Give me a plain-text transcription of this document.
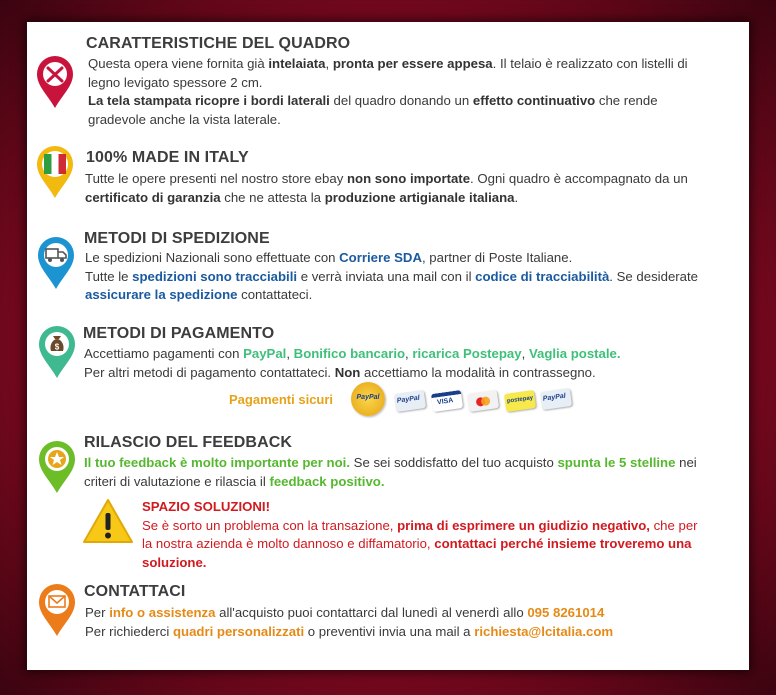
CARATTERISTICHE DEL QUADRO
Questa opera viene fornita già intelaiata, pronta per essere appesa. Il telaio è realizzato con listelli di
legno levigato spessore 2 cm.
La tela stampata ricopre i bordi laterali del quadro donando un effetto continuativo che rende
gradevole anche la vista laterale.
100% MADE IN ITALY
Tutte le opere presenti nel nostro store ebay non sono importate. Ogni quadro è accompagnato da un
certificato di garanzia che ne attesta la produzione artigianale italiana.
METODI DI SPEDIZIONE
Le spedizioni Nazionali sono effettuate con Corriere SDA, partner di Poste Italiane.
Tutte le spedizioni sono tracciabili e verrà inviata una mail con il codice di tracciabilità. Se desiderate
assicurare la spedizione contattateci.
$
METODI DI PAGAMENTO
Accettiamo pagamenti con PayPal, Bonifico bancario, ricarica Postepay, Vaglia postale.
Per altri metodi di pagamento contattateci. Non accettiamo la modalità in contrassegno.
Pagamenti sicuri	PayPal	PayPal VISA	postepay PayPal
RILASCIO DEL FEEDBACK
Il tuo feedback è molto importante per noi. Se sei soddisfatto del tuo acquisto spunta le 5 stelline nei
criteri di valutazione e rilascia il feedback positivo.
SPAZIO SOLUZIONI!
Se è sorto un problema con la transazione, prima di esprimere un giudizio negativo, che per
la nostra azienda è molto dannoso e diffamatorio, contattaci perché insieme troveremo una
soluzione.
CONTATTACI
Per info o assistenza all'acquisto puoi contattarci dal lunedì al venerdì allo 095 8261014
Per richiederci quadri personalizzati o preventivi invia una mail a richiesta@lcitalia.com
